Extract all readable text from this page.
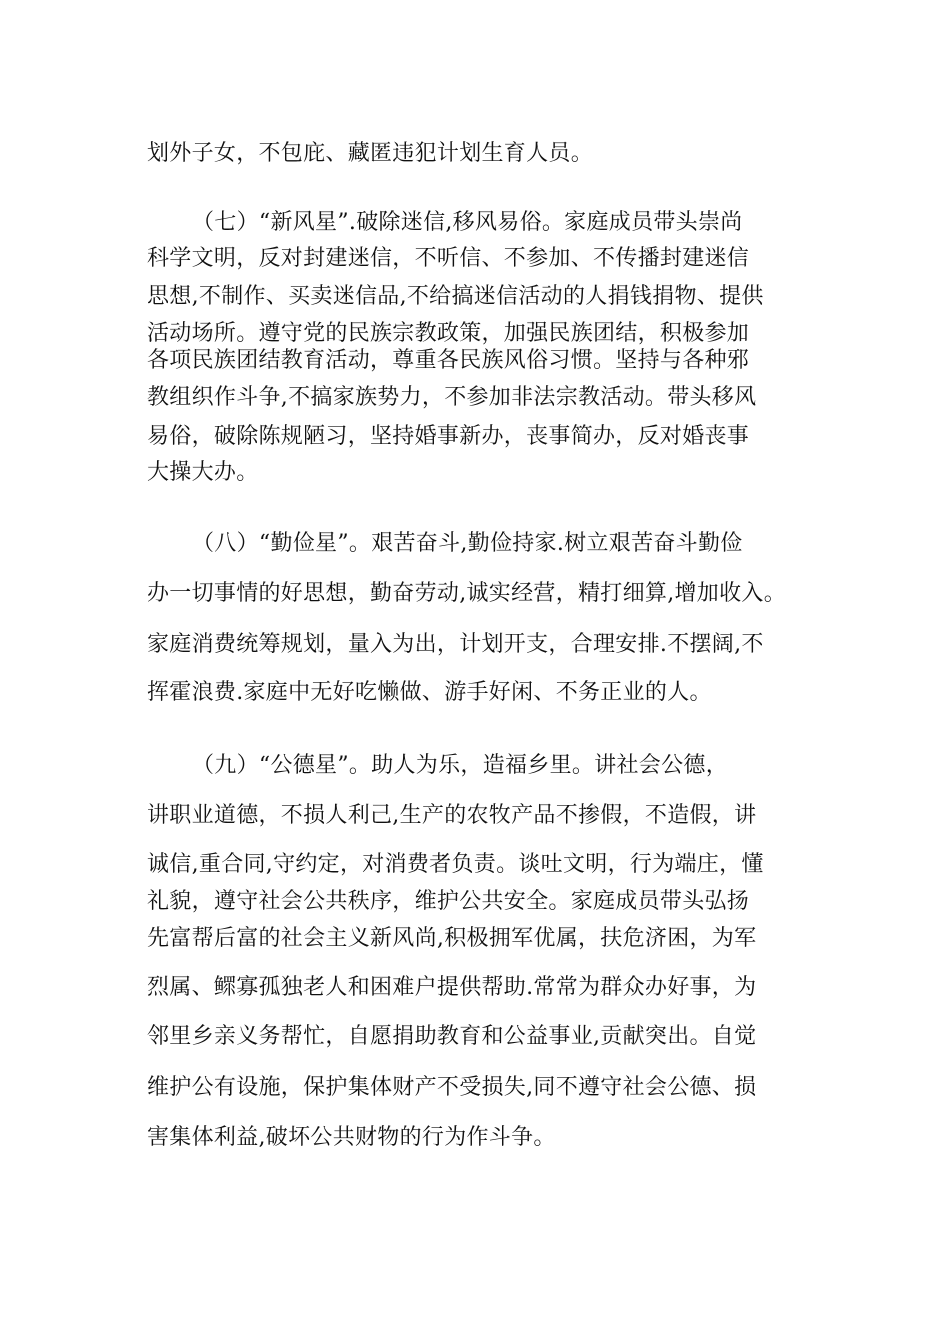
划外子女，不包庇、藏匿违犯计划生育人员。
（七）“新风星”.破除迷信,移风易俗。家庭成员带头崇尚
科学文明，反对封建迷信，不听信、不参加、不传播封建迷信
思想,不制作、买卖迷信品,不给搞迷信活动的人捐钱捐物、提供
活动场所。遵守党的民族宗教政策，加强民族团结，积极参加
各项民族团结教育活动，尊重各民族风俗习惯。坚持与各种邪
教组织作斗争,不搞家族势力，不参加非法宗教活动。带头移风
易俗，破除陈规陋习，坚持婚事新办，丧事简办，反对婚丧事
大操大办。
（八）“勤俭星”。艰苦奋斗,勤俭持家.树立艰苦奋斗勤俭
办一切事情的好思想，勤奋劳动,诚实经营，精打细算,增加收入。
家庭消费统筹规划，量入为出，计划开支，合理安排.不摆阔,不
挥霍浪费.家庭中无好吃懒做、游手好闲、不务正业的人。
（九）“公德星”。助人为乐，造福乡里。讲社会公德，
讲职业道德，不损人利己,生产的农牧产品不掺假，不造假，讲
诚信,重合同,守约定，对消费者负责。谈吐文明，行为端庄，懂
礼貌，遵守社会公共秩序，维护公共安全。家庭成员带头弘扬
先富帮后富的社会主义新风尚,积极拥军优属，扶危济困，为军
烈属、鳏寡孤独老人和困难户提供帮助.常常为群众办好事，为
邻里乡亲义务帮忙，自愿捐助教育和公益事业,贡献突出。自觉
维护公有设施，保护集体财产不受损失,同不遵守社会公德、损
害集体利益,破坏公共财物的行为作斗争。
